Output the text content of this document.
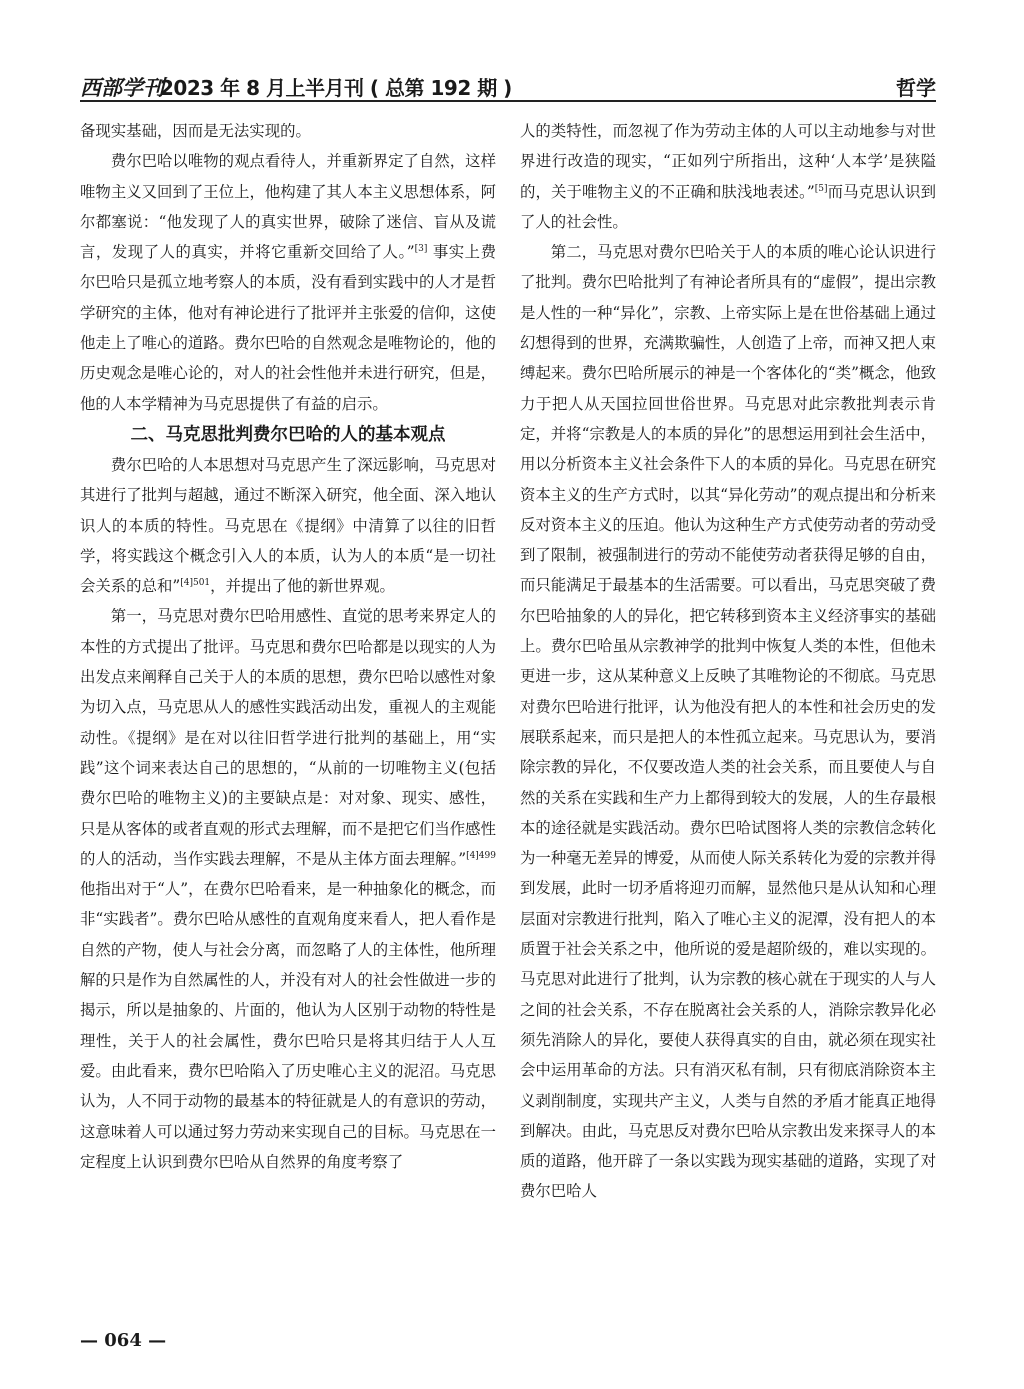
西部学刊
2023 年 8 月上半月刊 ( 总第 192 期 )	哲学

备现实基础，因而是无法实现的。

费尔巴哈以唯物的观点看待人，并重新界定了自然，这样唯物主义又回到了王位上，他构建了其人本主义思想体系，阿尔都塞说：“他发现了人的真实世界，破除了迷信、盲从及谎言，发现了人的真实，并将它重新交回给了人。”[3] 事实上费尔巴哈只是孤立地考察人的本质，没有看到实践中的人才是哲学研究的主体，他对有神论进行了批评并主张爱的信仰，这使他走上了唯心的道路。费尔巴哈的自然观念是唯物论的，他的历史观念是唯心论的，对人的社会性他并未进行研究，但是，他的人本学精神为马克思提供了有益的启示。

二、马克思批判费尔巴哈的人的基本观点

费尔巴哈的人本思想对马克思产生了深远影响，马克思对其进行了批判与超越，通过不断深入研究，他全面、深入地认识人的本质的特性。马克思在《提纲》中清算了以往的旧哲学，将实践这个概念引入人的本质，认为人的本质“是一切社会关系的总和”$^{[4]501}$，并提出了他的新世界观。

第一，马克思对费尔巴哈用感性、直觉的思考来界定人的本性的方式提出了批评。马克思和费尔巴哈都是以现实的人为出发点来阐释自己关于人的本质的思想，费尔巴哈以感性对象为切入点，马克思从人的感性实践活动出发，重视人的主观能动性。《提纲》是在对以往旧哲学进行批判的基础上，用“实践”这个词来表达自己的思想的，“从前的一切唯物主义(包括费尔巴哈的唯物主义)的主要缺点是：对对象、现实、感性，只是从客体的或者直观的形式去理解，而不是把它们当作感性的人的活动，当作实践去理解，不是从主体方面去理解。”$^{[4]499}$ 他指出对于“人”，在费尔巴哈看来，是一种抽象化的概念，而非“实践者”。费尔巴哈从感性的直观角度来看人，把人看作是自然的产物，使人与社会分离，而忽略了人的主体性，他所理解的只是作为自然属性的人，并没有对人的社会性做进一步的揭示，所以是抽象的、片面的，他认为人区别于动物的特性是理性，关于人的社会属性，费尔巴哈只是将其归结于人人互爱。由此看来，费尔巴哈陷入了历史唯心主义的泥沼。马克思认为，人不同于动物的最基本的特征就是人的有意识的劳动，这意味着人可以通过努力劳动来实现自己的目标。马克思在一定程度上认识到费尔巴哈从自然界的角度考察了

人的类特性，而忽视了作为劳动主体的人可以主动地参与对世界进行改造的现实，“正如列宁所指出，这种‘人本学’是狭隘的，关于唯物主义的不正确和肤浅地表述。”[5]而马克思认识到了人的社会性。

第二，马克思对费尔巴哈关于人的本质的唯心论认识进行了批判。费尔巴哈批判了有神论者所具有的“虚假”，提出宗教是人性的一种“异化”，宗教、上帝实际上是在世俗基础上通过幻想得到的世界，充满欺骗性，人创造了上帝，而神又把人束缚起来。费尔巴哈所展示的神是一个客体化的“类”概念，他致力于把人从天国拉回世俗世界。马克思对此宗教批判表示肯定，并将“宗教是人的本质的异化”的思想运用到社会生活中，用以分析资本主义社会条件下人的本质的异化。马克思在研究资本主义的生产方式时，以其“异化劳动”的观点提出和分析来反对资本主义的压迫。他认为这种生产方式使劳动者的劳动受到了限制，被强制进行的劳动不能使劳动者获得足够的自由，而只能满足于最基本的生活需要。可以看出，马克思突破了费尔巴哈抽象的人的异化，把它转移到资本主义经济事实的基础上。费尔巴哈虽从宗教神学的批判中恢复人类的本性，但他未更进一步，这从某种意义上反映了其唯物论的不彻底。马克思对费尔巴哈进行批评，认为他没有把人的本性和社会历史的发展联系起来，而只是把人的本性孤立起来。马克思认为，要消除宗教的异化，不仅要改造人类的社会关系，而且要使人与自然的关系在实践和生产力上都得到较大的发展，人的生存最根本的途径就是实践活动。费尔巴哈试图将人类的宗教信念转化为一种毫无差异的博爱，从而使人际关系转化为爱的宗教并得到发展，此时一切矛盾将迎刃而解，显然他只是从认知和心理层面对宗教进行批判，陷入了唯心主义的泥潭，没有把人的本质置于社会关系之中，他所说的爱是超阶级的，难以实现的。马克思对此进行了批判，认为宗教的核心就在于现实的人与人之间的社会关系，不存在脱离社会关系的人，消除宗教异化必须先消除人的异化，要使人获得真实的自由，就必须在现实社会中运用革命的方法。只有消灭私有制，只有彻底消除资本主义剥削制度，实现共产主义，人类与自然的矛盾才能真正地得到解决。由此，马克思反对费尔巴哈从宗教出发来探寻人的本质的道路，他开辟了一条以实践为现实基础的道路，实现了对费尔巴哈人

— 064 —
